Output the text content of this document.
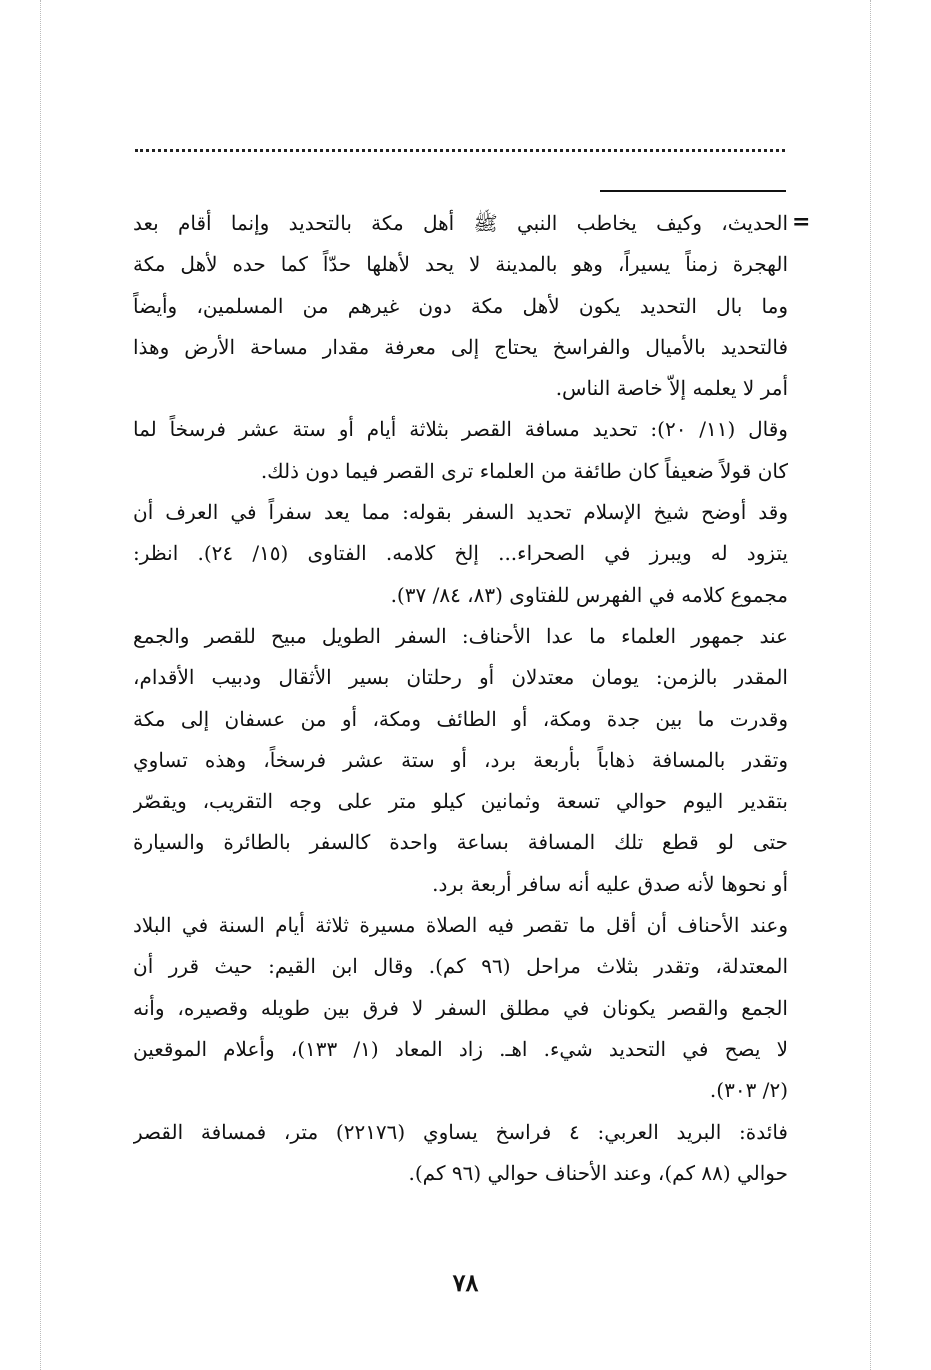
=

الحديث، وكيف يخاطب النبي ﷺ أهل مكة بالتحديد وإنما أقام بعد
الهجرة زمناً يسيراً، وهو بالمدينة لا يحد لأهلها حدّاً كما حده لأهل مكة
وما بال التحديد يكون لأهل مكة دون غيرهم من المسلمين، وأيضاً
فالتحديد بالأميال والفراسخ يحتاج إلى معرفة مقدار مساحة الأرض وهذا
أمر لا يعلمه إلاّ خاصة الناس.

وقال (١١/ ٢٠): تحديد مسافة القصر بثلاثة أيام أو ستة عشر فرسخاً لما
كان قولاً ضعيفاً كان طائفة من العلماء ترى القصر فيما دون ذلك.

وقد أوضح شيخ الإسلام تحديد السفر بقوله: مما يعد سفراً في العرف أن
يتزود له ويبرز في الصحراء... إلخ كلامه. الفتاوى (١٥/ ٢٤). انظر:
مجموع كلامه في الفهرس للفتاوى (٨٣، ٨٤/ ٣٧).

عند جمهور العلماء ما عدا الأحناف: السفر الطويل مبيح للقصر والجمع
المقدر بالزمن: يومان معتدلان أو رحلتان بسير الأثقال ودبيب الأقدام،
وقدرت ما بين جدة ومكة، أو الطائف ومكة، أو من عسفان إلى مكة
وتقدر بالمسافة ذهاباً بأربعة برد، أو ستة عشر فرسخاً، وهذه تساوي
بتقدير اليوم حوالي تسعة وثمانين كيلو متر على وجه التقريب، ويقصّر
حتى لو قطع تلك المسافة بساعة واحدة كالسفر بالطائرة والسيارة
أو نحوها لأنه صدق عليه أنه سافر أربعة برد.

وعند الأحناف أن أقل ما تقصر فيه الصلاة مسيرة ثلاثة أيام السنة في البلاد
المعتدلة، وتقدر بثلاث مراحل (٩٦ كم). وقال ابن القيم: حيث قرر أن
الجمع والقصر يكونان في مطلق السفر لا فرق بين طويله وقصيره، وأنه
لا يصح في التحديد شيء. اهـ. زاد المعاد (١/ ١٣٣)، وأعلام الموقعين
(٢/ ٣٠٣).

فائدة: البريد العربي: ٤ فراسخ يساوي (٢٢١٧٦) متر، فمسافة القصر
حوالي (٨٨ كم)، وعند الأحناف حوالي (٩٦ كم).

٧٨
